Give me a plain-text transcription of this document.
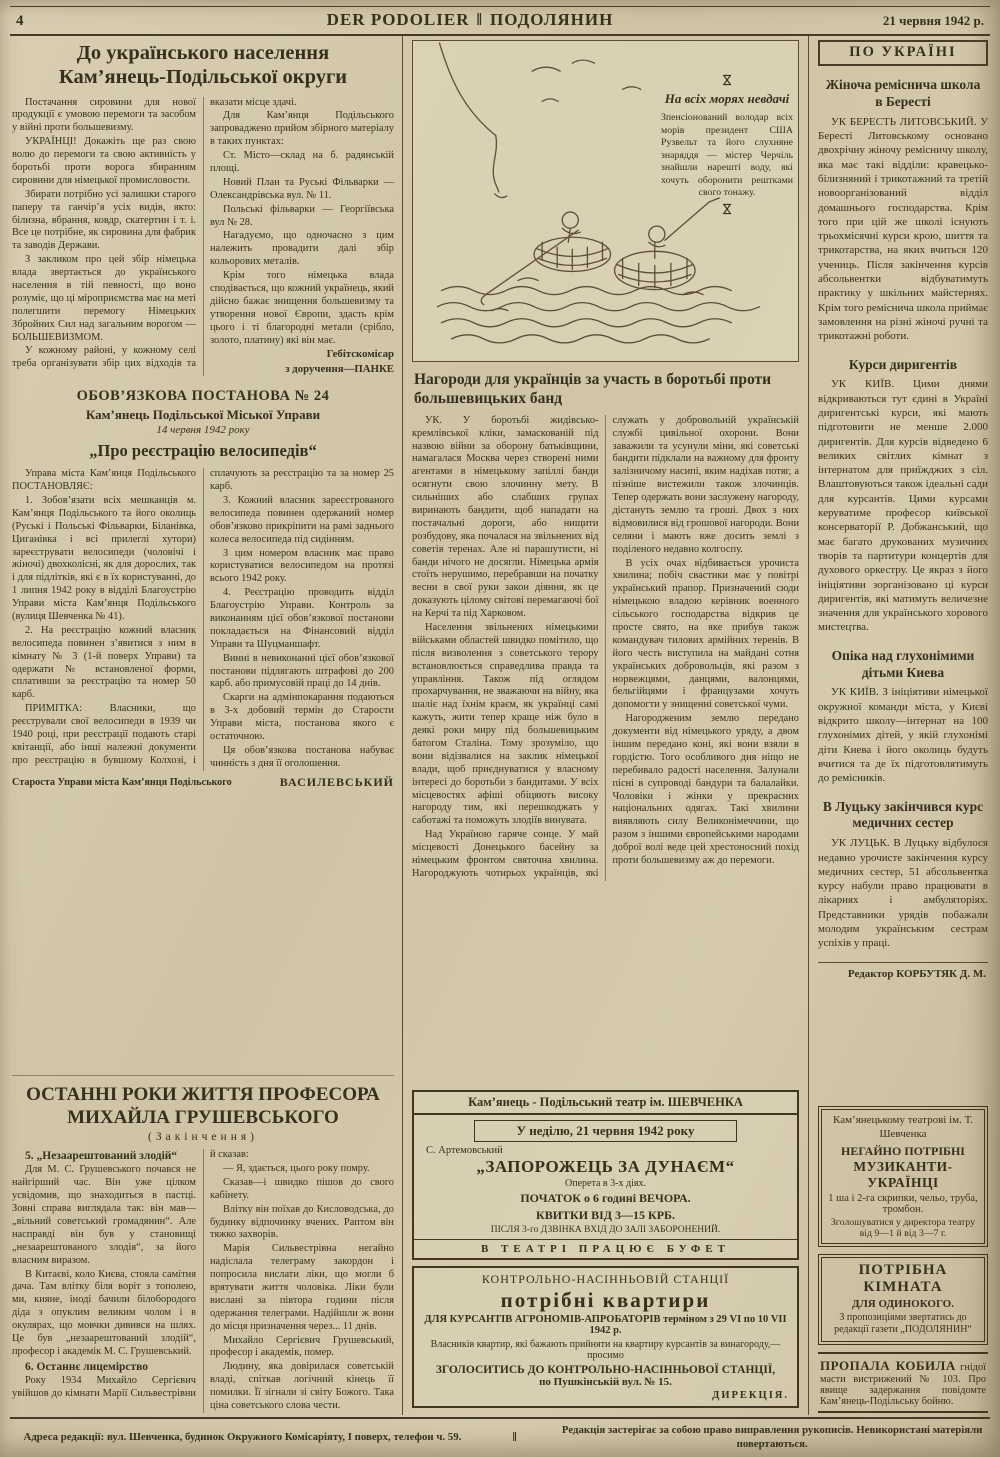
4	DER PODOLIER ‖ ПОДОЛЯНИН	21 червня 1942 р.
До українського населення
Кам’янець-Подільської округи

Постачання сировини для нової продукції є умовою перемоги та засобом у війні проти большевизму.

УКРАЇНЦІ! Докажіть ще раз свою волю до перемоги та свою активність у боротьбі проти ворога збиранням сировини для німецької промисловости.

Збирати потрібно усі залишки старого паперу та ганчір’я усіх видів, якто: білизна, вбрання, ковдр, скатертин і т. і. Все це потрібне, як сировина для фабрик та заводів Держави.

З закликом про цей збір німецька влада звертається до українського населення в тій певності, що воно розуміє, що ці міроприємства має на меті полегшити перемогу Німецьких Збройних Сил над загальним ворогом — БОЛЬШЕВИЗМОМ.

У кожному районі, у кожному селі треба організувати збір цих відходів та вказати місце здачі.

Для Кам’янця Подільського запроваджено прийом збірного матеріалу в таких пунктах:

Ст. Місто—склад на б. радянській площі.

Новий План та Руські Фільварки — Олександрівська вул. № 11.

Польські фільварки — Георгіївська вул № 28.

Нагадуємо, що одночасно з цим належить провадити далі збір кольорових металів.

Крім того німецька влада сподівається, що кожний українець, який дійсно бажає знищення большевизму та утворення нової Європи, здасть крім цього і ті благородні метали (срібло, золото, платину) які він має.

Гебітскомісар

з доручення—ПАНКЕ

ОБОВ’ЯЗКОВА ПОСТАНОВА № 24
Кам’янець Подільської Міської Управи
14 червня 1942 року
„Про реєстрацію велосипедів“

Управа міста Кам’янця Подільського ПОСТАНОВЛЯЄ:

1. Зобов’язати всіх мешканців м. Кам’янця Подільського та його околиць (Руські і Польські Фільварки, Біланівка, Циганівка і всі прилеглі хутори) зареєструвати велосипеди (чоловічі і жіночі) двохколісні, як для дорослих, так і для підлітків, які є в їх користуванні, до 1 липня 1942 року в відділі Благоустрію Управи міста Кам’янця Подільського (вулиця Шевченка № 41).

2. На реєстрацію кожний власник велосипеда повинен з’явитися з ним в кімнату № 3 (1-й поверх Управи) та одержати № встановленої форми, сплативши за реєстрацію та номер 50 карб.

ПРИМІТКА: Власники, що реєстрували свої велосипеди в 1939 чи 1940 році, при реєстрації подають старі квітанції, або інші належні документи про реєстрацію в бувшому Колхозі, і сплачують за реєстрацію та за номер 25 карб.

3. Кожний власник зареєстрованого велосипеда повинен одержаний номер обов’язково прикріпити на рамі заднього колеса велосипеда під сидінням.

З цим номером власник має право користуватися велосипедом на протязі всього 1942 року.

4. Реєстрацію проводить відділ Благоустрію Управи. Контроль за виконанням цієї обов’язкової постанови покладається на Фінансовий відділ Управи та Шуцманшафт.

Винні в невиконанні цієї обов’язкової постанови підлягають штрафові до 200 карб. або примусовій праці до 14 днів.

Скарги на адмінпокарання подаються в 3-х добовий термін до Старости Управи міста, постанова якого є остаточною.

Ця обов’язкова постанова набуває чинність з дня її оголошення.

Староста Управи міста Кам’янця Подільського	ВАСИЛЕВСЬКИЙ
ОСТАННІ РОКИ ЖИТТЯ ПРОФЕСОРА
МИХАЙЛА ГРУШЕВСЬКОГО
(Закінчення)

5. „Незаарештований злодій“

Для М. С. Грушевського почався не найгірший час. Він уже цілком усвідомив, що знаходиться в пастці. Зовні справа виглядала так: він мав—„вільний советський громадянин“. Але насправді він був у становищі „незаарештованого злодія“, за його власним виразом.

В Китаєві, коло Києва, стояла самітня дача. Там влітку біля воріт з тополею, ми, кияне, іноді бачили білобородого діда з опуклим великим чолом і в окулярах, що мовчки дивився на шлях. Це був „незаарештований злодій“, професор і академік М. С. Грушевський.

6. Останнє лицемірство

Року 1934 Михайло Сергієвич увійшов до кімнати Марії Сильвестрівни й сказав:

— Я, здається, цього року помру.

Сказав—і швидко пішов до свого кабінету.

Влітку він поїхав до Кисловодська, до будинку відпочинку вчених. Раптом він тяжко захворів.

Марія Сильвестрівна негайно надіслала телеграму закордон і попросила вислати ліки, що могли б врятувати життя чоловіка. Ліки були вислані за півтора години після одержання телеграми. Надійшли ж вони до місця призначення через... 11 днів.

Михайло Сергієвич Грушевський, професор і академік, помер.

Людину, яка довірилася советській владі, спіткав логічний кінець її помилки. Її зігнали зі світу Божого. Така ціна советського слова чести.

⋈
На всіх морях невдачі
Зпенсіонований володар всіх морів президент США Рузвельт та його слухняне знаряддя — містер Черчіль знайшли нарешті воду, які хочуть оборонити рештками свого тонажу.
⋈
Нагороди для українців за участь в боротьбі проти большевицьких банд

УК. У боротьбі жидівсько-кремлівської кліки, замаскованій під назвою війни за оборону батьківщини, намагалася Москва через створені ними агентами в німецькому запіллі банди осягнути свою злочинну мету. В сильніших або слабших групах виринають бандити, щоб нападати на постачальні дороги, або нищити розбудову, яка почалася на звільнених від советів теренах. Але ні парашутисти, ні банди нічого не досягли. Німецька армія стоїть нерушимо, перебравши на початку весни в свої руки закон діяння, як це доказують цілому світові перемагаючі бої на Керчі та під Харковом.

Населення звільнених німецькими військами областей швидко помітило, що після визволення з советського терору встановлюється справедлива правда та управління. Також під оглядом прохарчування, не зважаючи на війну, яка шаліє над їхнім краєм, як українці самі кажуть, жити тепер краще ніж було в деякі роки миру під большевицьким батогом Сталіна. Тому зрозуміло, що вони відізвалися на заклик німецької влади, щоб приєднуватися у власному інтересі до боротьби з бандитами. У всіх місцевостях афіші обіцяють високу нагороду тим, які перешкоджать у саботажі та поможуть злодіїв винувата.

Над Україною гаряче сонце. У май місцевості Донецького басейну за німецьким фронтом святочна хвилина. Нагороджують чотирьох українців, які служать у добровольній українській службі цивільної охорони. Вони заважили та усунули міни, які советські бандити підклали на важному для фронту залізничому насипі, яким надіхав потяг, а пізніше вистежили також злочинців. Тепер одержать вони заслужену нагороду, дістануть землю та гроші. Двох з них відмовилися від грошової нагороди. Вони селяни і мають вже досить землі з поділеного недавно колгоспу.

В усіх очах відбивається урочиста хвилина; побіч свастики має у повітрі український прапор. Призначений сюди німецькою владою керівник военного сільського господарства відкрив це просте свято, на яке прибув також командувач тилових армійних теренів. В його честь виступила на майдані сотня українських добровольців, які разом з норвежцями, данцями, валонцями, бельгійцями і французами хочуть допомогти у знищенні советської чуми.

Нагородженим землю передано документи від німецького уряду, а двом іншим передано коні, які вони взяли в гордістю. Того особливого дня ніщо не перебивало радості населення. Залунали пісні в супроводі бандури та балалайки. Чоловіки і жінки у прекрасних національних одягах. Такі хвилини виявляють силу Великонімеччини, що разом з іншими європейськими народами доброї волі веде цей хрестоносний похід проти большевизму аж до перемоги.

Кам’янець - Подільський театр ім. ШЕВЧЕНКА
У неділю, 21 червня 1942 року
С. Артемовський
„ЗАПОРОЖЕЦЬ ЗА ДУНАЄМ“
Оперета в 3-х діях.
ПОЧАТОК о 6 годині ВЕЧОРА.
КВИТКИ ВІД 3—15 КРБ.
ПІСЛЯ 3-го ДЗВІНКА ВХІД ДО ЗАЛІ ЗАБОРОНЕНИЙ.
В ТЕАТРІ ПРАЦЮЄ БУФЕТ
КОНТРОЛЬНО-НАСІННЬОВІЙ СТАНЦІЇ
потрібні квартири
ДЛЯ КУРСАНТІВ АГРОНОМІВ-АПРОБАТОРІВ терміном з 29 VI по 10 VII 1942 р.
Власників квартир, які бажають прийняти на квартиру курсантів за винагороду,—просимо
ЗГОЛОСИТИСЬ ДО КОНТРОЛЬНО-НАСІННЬОВОЇ СТАНЦІЇ,
по Пушкінській вул. № 15.
ДИРЕКЦІЯ.
ПО УКРАЇНІ
Жіноча реміснича школа
в Бересті

УК БЕРЕСТЬ ЛИТОВСЬКИЙ. У Бересті Литовському основано двохрічну жіночу ремісничу школу, яка має такі відділи: кравецько-білизняний і трикотажний та третій новоорганізований відділ домашнього господарства. Крім того при цій же школі існують трьохмісячні курси крою, шиття та трикотарства, на яких вчиться 120 учениць. Після закінчення курсів абсольвентки відбуватимуть практику у шкільних майстернях. Крім того реміснича школа приймає замовлення на різні жіночі ручні та трикотажні роботи.

Курси диригентів

УК КИЇВ. Цими днями відкриваються тут єдині в Україні диригентські курси, які мають підготовити не менше 2.000 диригентів. Для курсів відведено 6 великих світлих кімнат з інтернатом для приїжджих з сіл. Влаштовуються також ідеальні сади для курсантів. Цими курсами керуватиме професор київської консерваторії Р. Добжанський, що має багато друкованих музичних творів та партитури концертів для духового оркестру. Це якраз з його ініціятиви зорганізовано ці курси диригентів, які матимуть величезне значення для українського хорового мистецтва.

Опіка над глухонімими
дітьми Киева

УК КИЇВ. З ініціятиви німецької окружної команди міста, у Києві відкрито школу—інтернат на 100 глухонімих дітей, у якій глухонімі діти Киева і його околиць будуть вчитися та де їх підготовлятимуть до ремісників.

В Луцьку закінчився курс
медичних сестер

УК ЛУЦЬК. В Луцьку відбулося недавно урочисте закінчення курсу медичних сестер, 51 абсольвентка курсу набули право працювати в лікарнях і амбуляторіях. Представники урядів побажали молодим українським сестрам успіхів у праці.

Редактор КОРБУТЯК Д. М.
Кам’янецькому театрові ім. Т. Шевченка
НЕГАЙНО ПОТРІБНІ
МУЗИКАНТИ-УКРАЇНЦІ
1 ша і 2-га скрипки, чельо, труба, тромбон.
Зголошуватися у директора театру від 9—1 й від 3—7 г.
ПОТРІБНА КІМНАТА
ДЛЯ ОДИНОКОГО.
З пропозиціями звертатись до редакції газети „ПОДОЛЯНИН“
ПРОПАЛА КОБИЛА гнідої масти вистрижений № 103. Про явище задержання повідомте Кам’янець-Подільську бойню.
Адреса редакції: вул. Шевченка, будинок Окружного Комісаріяту, І поверх, телефон ч. 59.	‖	Редакція застерігає за собою право виправлення рукописів. Невикористані матеріяли повертаються.
